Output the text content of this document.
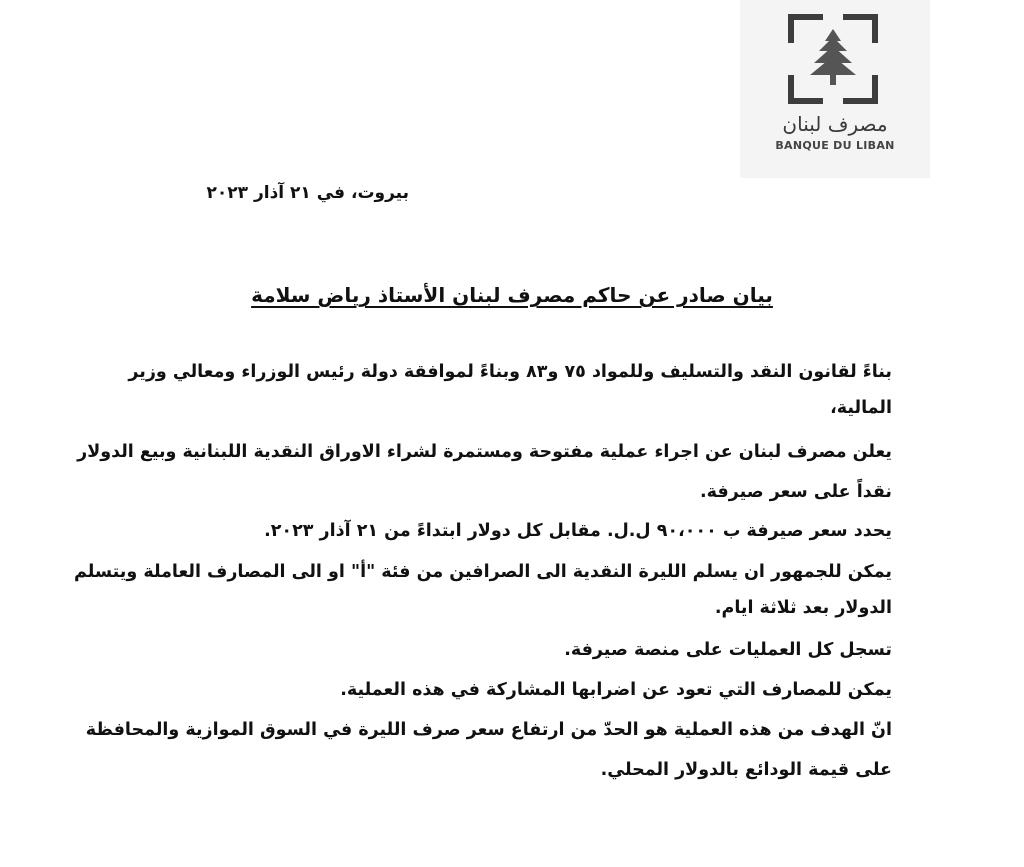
مصرف لبنان
BANQUE DU LIBAN
بيروت، في ٢١ آذار ٢٠٢٣
بيان صادر عن حاكم مصرف لبنان الأستاذ رياض سلامة
بناءً لقانون النقد والتسليف وللمواد ٧٥ و٨٣ وبناءً لموافقة دولة رئيس الوزراء ومعالي وزير
المالية،
يعلن مصرف لبنان عن اجراء عملية مفتوحة ومستمرة لشراء الاوراق النقدية اللبنانية وبيع الدولار
نقداً على سعر صيرفة.
يحدد سعر صيرفة ب ٩٠،٠٠٠ ل.ل. مقابل كل دولار ابتداءً من ٢١ آذار ٢٠٢٣.
يمكن للجمهور ان يسلم الليرة النقدية الى الصرافين من فئة "أ" او الى المصارف العاملة ويتسلم
الدولار بعد ثلاثة ايام.
تسجل كل العمليات على منصة صيرفة.
يمكن للمصارف التي تعود عن اضرابها المشاركة في هذه العملية.
انّ الهدف من هذه العملية هو الحدّ من ارتفاع سعر صرف الليرة في السوق الموازية والمحافظة
على قيمة الودائع بالدولار المحلي.
